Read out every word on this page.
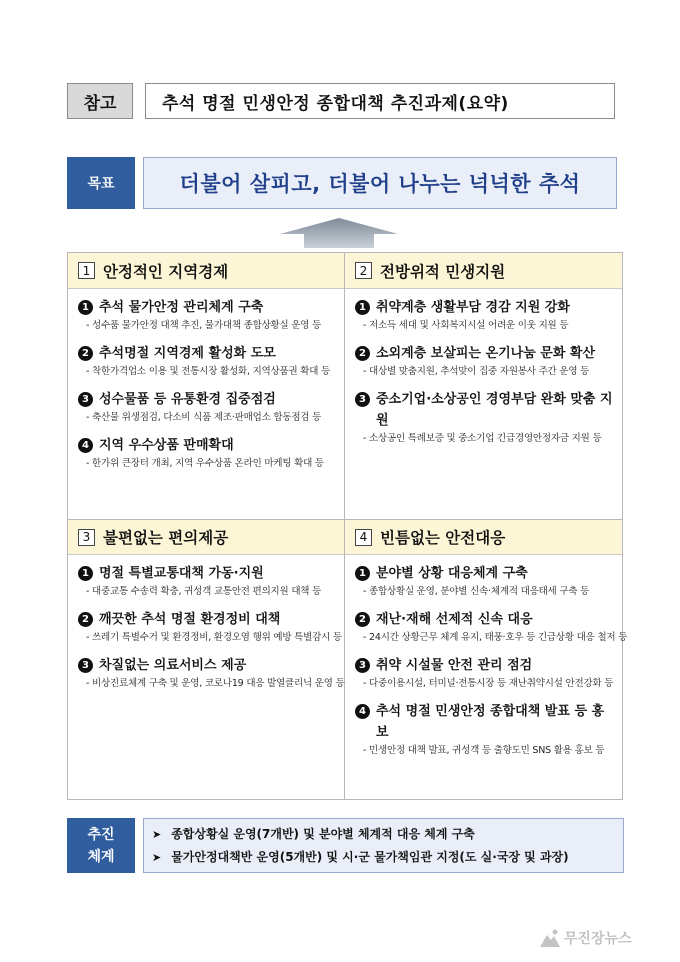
참고	추석 명절 민생안정 종합대책 추진과제(요약)
목표	더불어 살피고, 더불어 나누는 넉넉한 추석
1 안정적인 지역경제
1 추석 물가안정 관리체계 구축
- 성수품 물가안정 대책 추진, 물가대책 종합상황실 운영 등
2 추석명절 지역경제 활성화 도모
- 착한가격업소 이용 및 전통시장 활성화, 지역상품권 확대 등
3 성수물품 등 유통환경 집중점검
- 축산물 위생점검, 다소비 식품 제조·판매업소 합동점검 등
4 지역 우수상품 판매확대
- 한가위 큰장터 개최, 지역 우수상품 온라인 마케팅 확대 등
2 전방위적 민생지원
1 취약계층 생활부담 경감 지원 강화
- 저소득 세대 및 사회복지시설 어려운 이웃 지원 등
2 소외계층 보살피는 온기나눔 문화 확산
- 대상별 맞춤지원, 추석맞이 집중 자원봉사 주간 운영 등
3 중소기업·소상공인 경영부담 완화 맞춤 지원
- 소상공인 특례보증 및 중소기업 긴급경영안정자금 지원 등
3 불편없는 편의제공
1 명절 특별교통대책 가동·지원
- 대중교통 수송력 확충, 귀성객 교통안전 편의지원 대책 등
2 깨끗한 추석 명절 환경정비 대책
- 쓰레기 특별수거 및 환경정비, 환경오염 행위 예방 특별감시 등
3 차질없는 의료서비스 제공
- 비상진료체계 구축 및 운영, 코로나19 대응 발열클리닉 운영 등
4 빈틈없는 안전대응
1 분야별 상황 대응체계 구축
- 종합상황실 운영, 분야별 신속·체계적 대응태세 구축 등
2 재난·재해 선제적 신속 대응
- 24시간 상황근무 체계 유지, 태풍·호우 등 긴급상황 대응 철저 등
3 취약 시설물 안전 관리 점검
- 다중이용시설, 터미널·전통시장 등 재난취약시설 안전강화 등
4 추석 명절 민생안정 종합대책 발표 등 홍보
- 민생안정 대책 발표, 귀성객 등 출향도민 SNS 활용 홍보 등
추진
체계
➤ 종합상황실 운영(7개반) 및 분야별 체계적 대응 체계 구축
➤ 물가안정대책반 운영(5개반) 및 시·군 물가책임관 지정(도 실·국장 및 과장)
무진장뉴스
